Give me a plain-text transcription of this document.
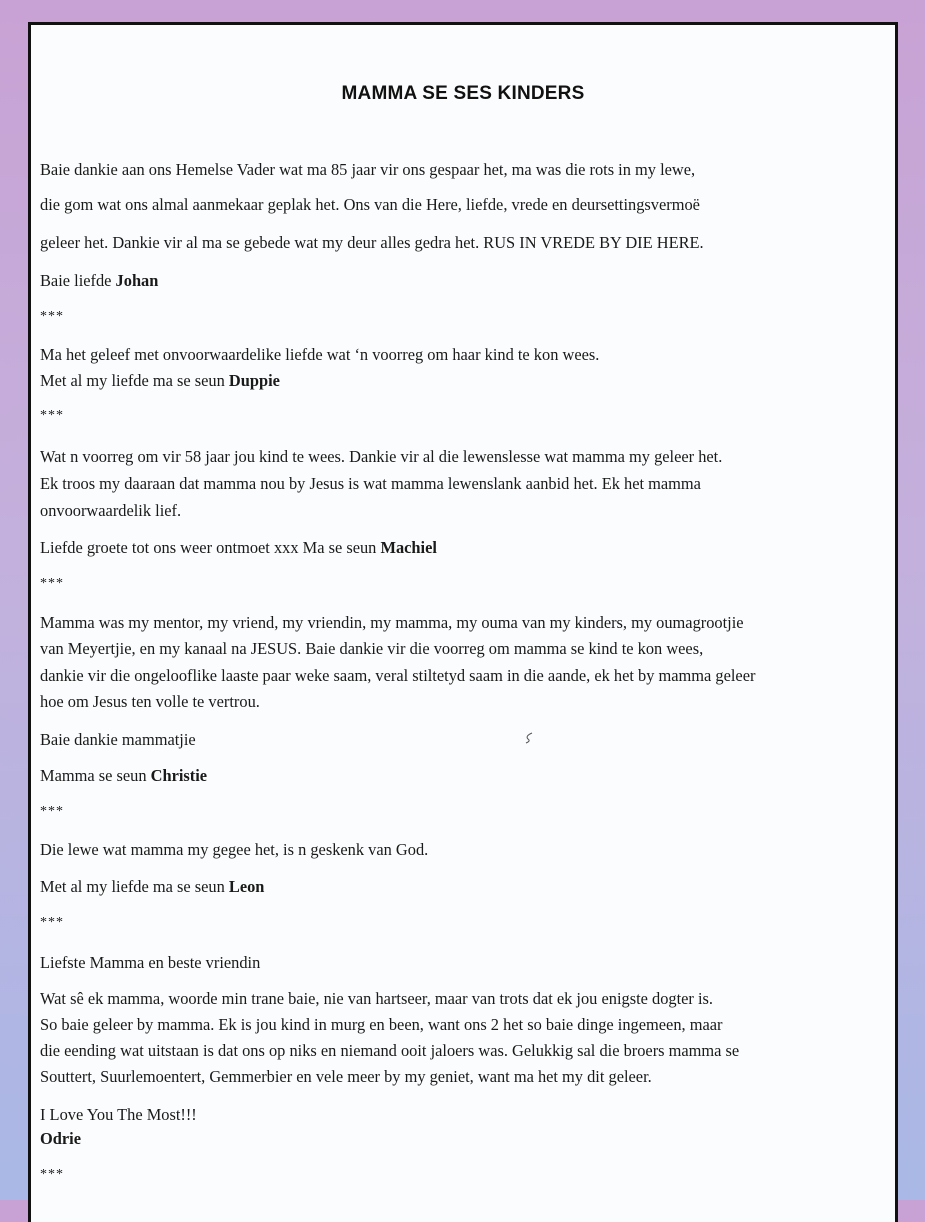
MAMMA SE SES KINDERS
Baie dankie aan ons Hemelse Vader wat ma 85 jaar vir ons gespaar het, ma was die rots in my lewe,
die gom wat ons almal aanmekaar geplak het. Ons van die Here, liefde, vrede en deursettingsvermoë
geleer het. Dankie vir al ma se gebede wat my deur alles gedra het. RUS IN VREDE BY DIE HERE.
Baie liefde Johan
***
Ma het geleef met onvoorwaardelike liefde wat ‘n voorreg om haar kind te kon wees.
Met al my liefde ma se seun Duppie
***
Wat n voorreg om vir 58 jaar jou kind te wees. Dankie vir al die lewenslesse wat mamma my geleer het.
Ek troos my daaraan dat mamma nou by Jesus is wat mamma lewenslank aanbid het. Ek het mamma
onvoorwaardelik lief.
Liefde groete tot ons weer ontmoet xxx Ma se seun Machiel
***
Mamma was my mentor, my vriend, my vriendin, my mamma, my ouma van my kinders, my oumagrootjie
van Meyertjie, en my kanaal na JESUS. Baie dankie vir die voorreg om mamma se kind te kon wees,
dankie vir die ongelooflike laaste paar weke saam, veral stiltetyd saam in die aande, ek het by mamma geleer
hoe om Jesus ten volle te vertrou.
Baie dankie mammatjie
Mamma se seun Christie
***
Die lewe wat mamma my gegee het, is n geskenk van God.
Met al my liefde ma se seun Leon
***
Liefste Mamma en beste vriendin
Wat sê ek mamma, woorde min trane baie, nie van hartseer, maar van trots dat ek jou enigste dogter is.
So baie geleer by mamma. Ek is jou kind in murg en been, want ons 2 het so baie dinge ingemeen, maar
die eending wat uitstaan is dat ons op niks en niemand ooit jaloers was. Gelukkig sal die broers mamma se
Souttert, Suurlemoentert, Gemmerbier en vele meer by my geniet, want ma het my dit geleer.
I Love You The Most!!!
Odrie
***
